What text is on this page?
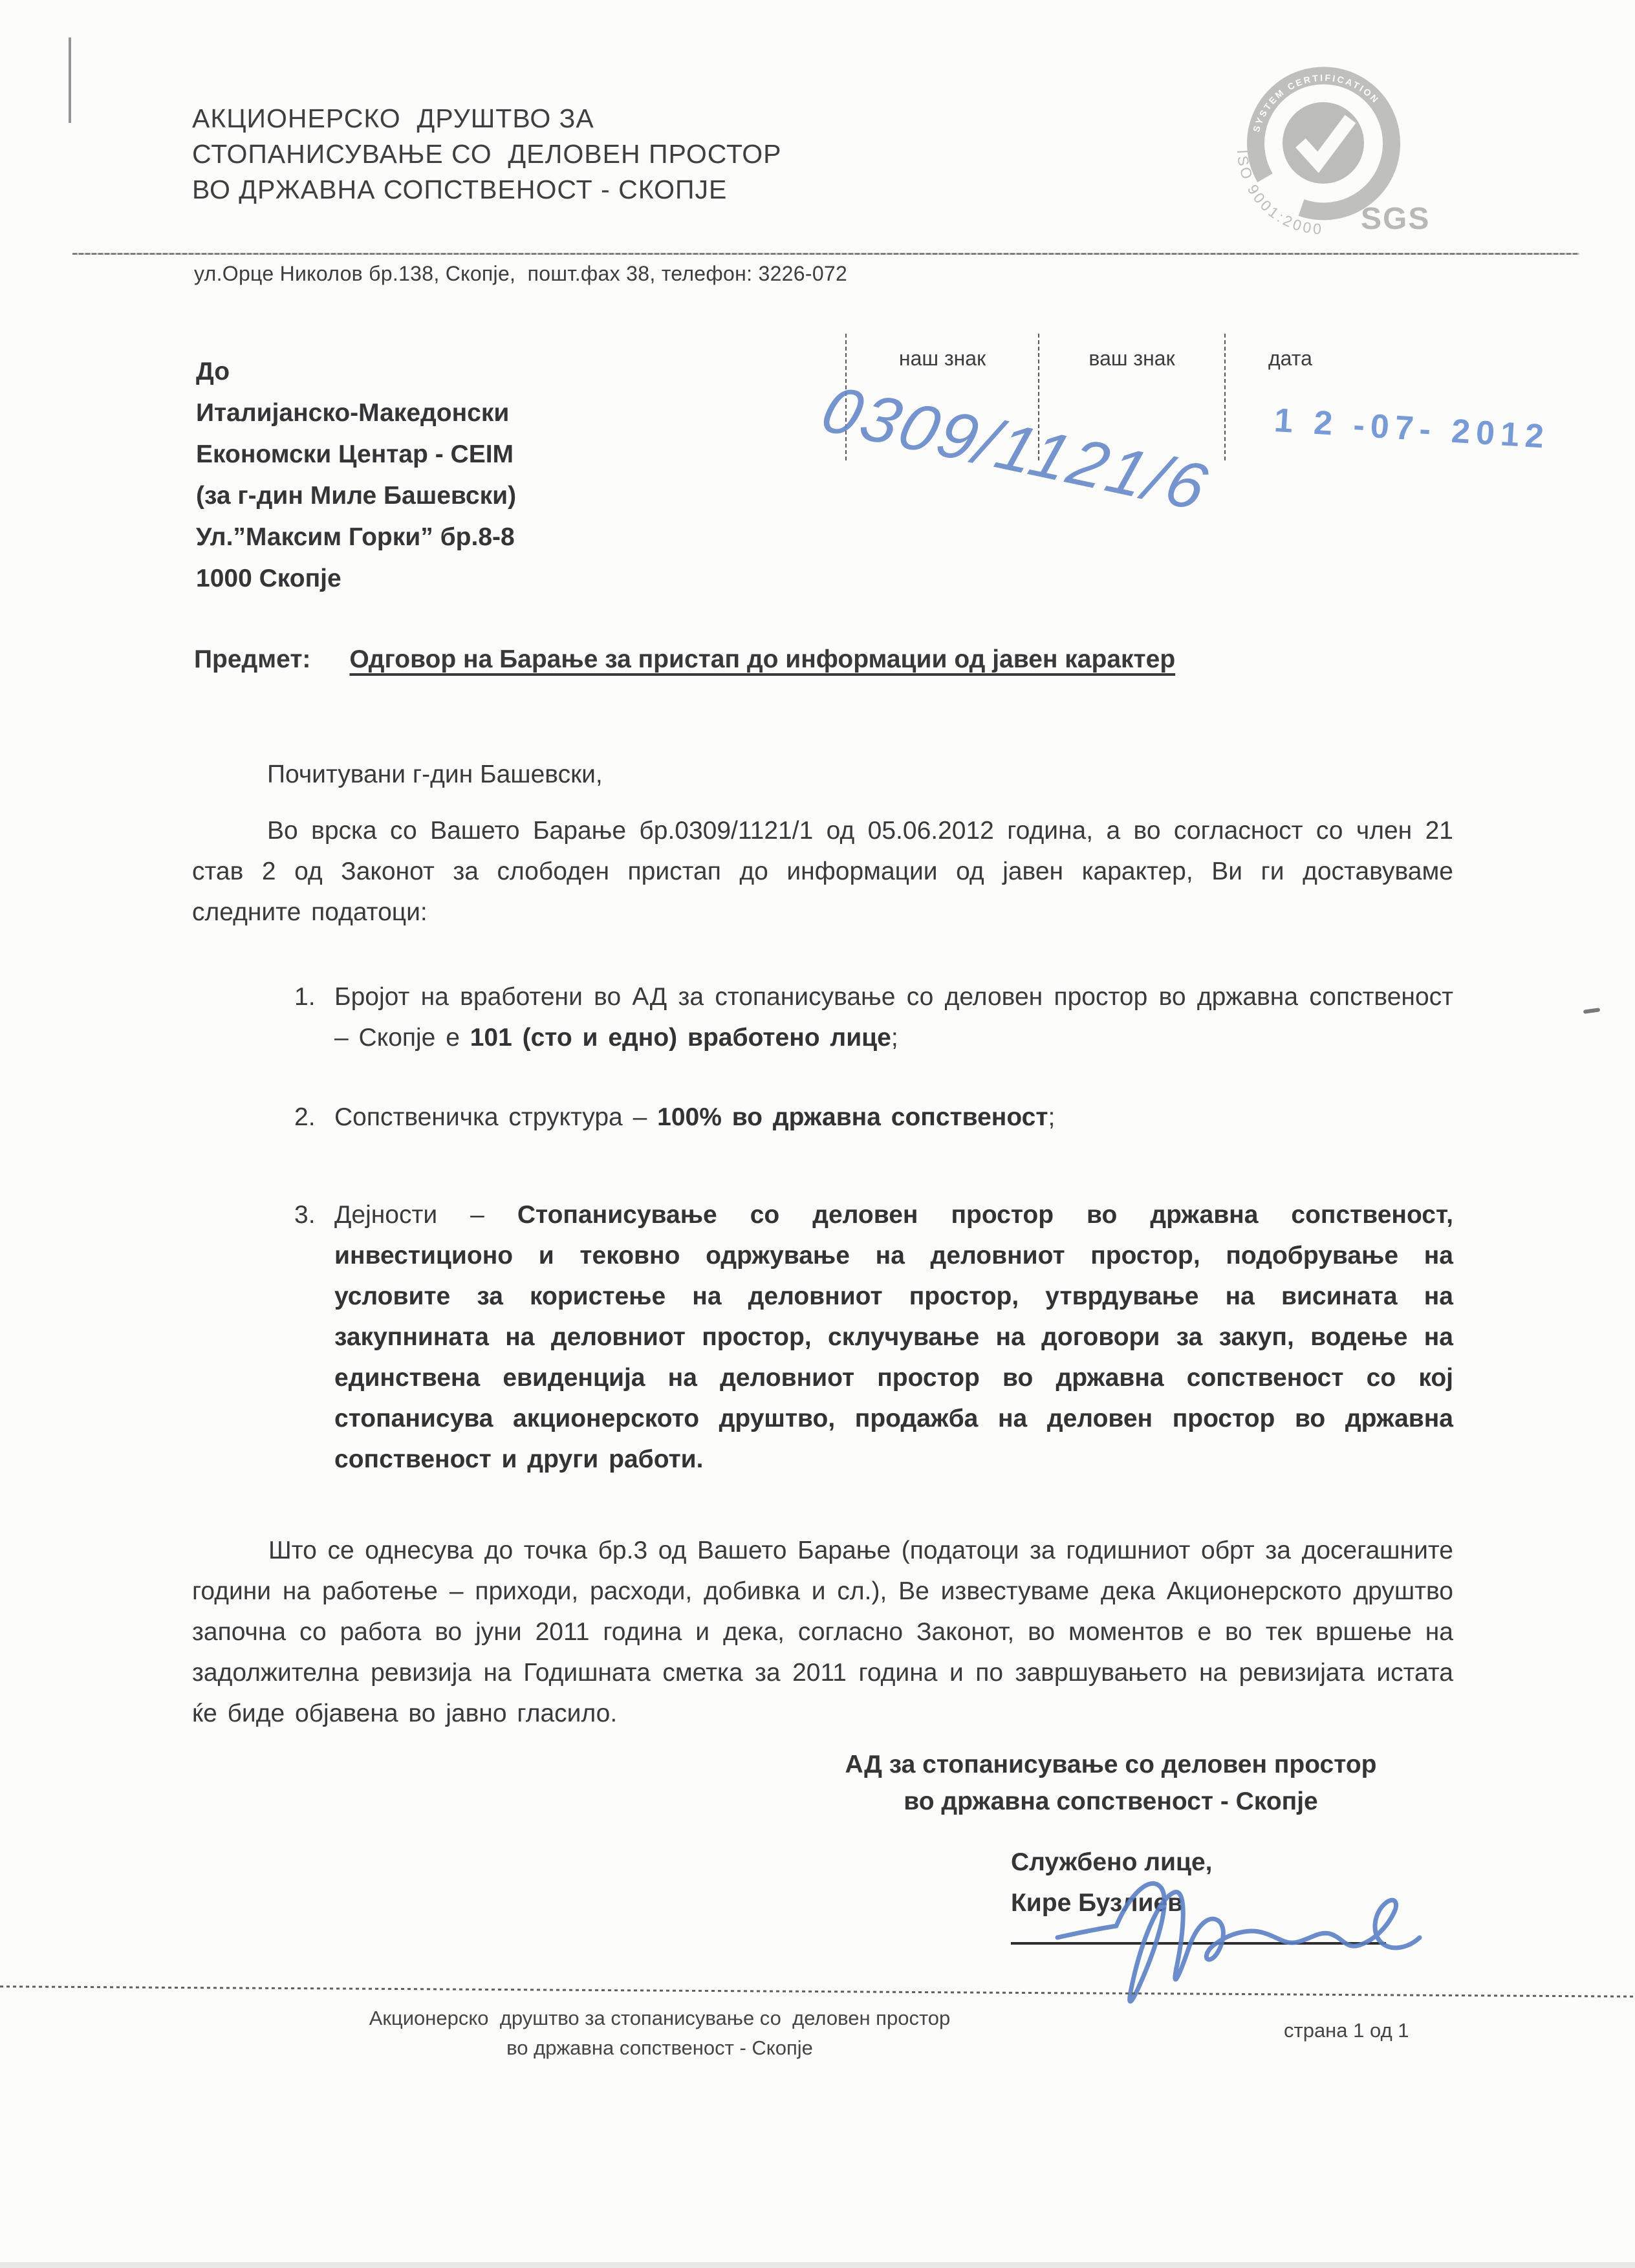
АКЦИОНЕРСКО  ДРУШТВО ЗА
СТОПАНИСУВАЊЕ СО  ДЕЛОВЕН ПРОСТОР
ВО ДРЖАВНА СОПСТВЕНОСТ - СКОПЈЕ
SYSTEM CERTIFICATION
ISO 9001:2000 SGS
ул.Орце Николов бр.138, Скопје,  пошт.фах 38, телефон: 3226-072
До
Италијанско-Македонски
Економски Центар - CEIM
(за г-дин Миле Башевски)
Ул.”Максим Горки” бр.8-8
1000 Скопје
наш знак	ваш знак	дата
0309/1121/6 1 2 -07- 2012
Предмет: Одговор на Барање за пристап до информации од јавен карактер
Почитувани г-дин Башевски,
Во врска со Вашето Барање бр.0309/1121/1 од 05.06.2012 година, а во согласност со член 21 став 2 од Законот за слободен пристап до информации од јавен карактер, Ви ги доставуваме следните податоци:
1. Бројот на вработени во АД за стопанисување со деловен простор во државна сопственост – Скопје е 101 (сто и едно) вработено лице;
2. Сопственичка структура – 100% во државна сопственост;
3. Дејности – Стопанисување со деловен простор во државна сопственост, инвестиционо и тековно одржување на деловниот простор, подобрување на условите за користење на деловниот простор, утврдување на висината на закупнината на деловниот простор, склучување на договори за закуп, водење на единствена евиденција на деловниот простор во државна сопственост со кој стопанисува акционерското друштво, продажба на деловен простор во државна сопственост и други работи.
Што се однесува до точка бр.3 од Вашето Барање (податоци за годишниот обрт за досегашните години на работење – приходи, расходи, добивка и сл.), Ве известуваме дека Акционерското друштво започна со работа во јуни 2011 година и дека, согласно Законот, во моментов е во тек вршење на задолжителна ревизија на Годишната сметка за 2011 година и по завршувањето на ревизијата истата ќе биде објавена во јавно гласило.
АД за стопанисување со деловен простор
во државна сопственост - Скопје
Службено лице,
Кире Бузлиев
Акционерско  друштво за стопанисување со  деловен простор
во државна сопственост - Скопје
страна 1 од 1
